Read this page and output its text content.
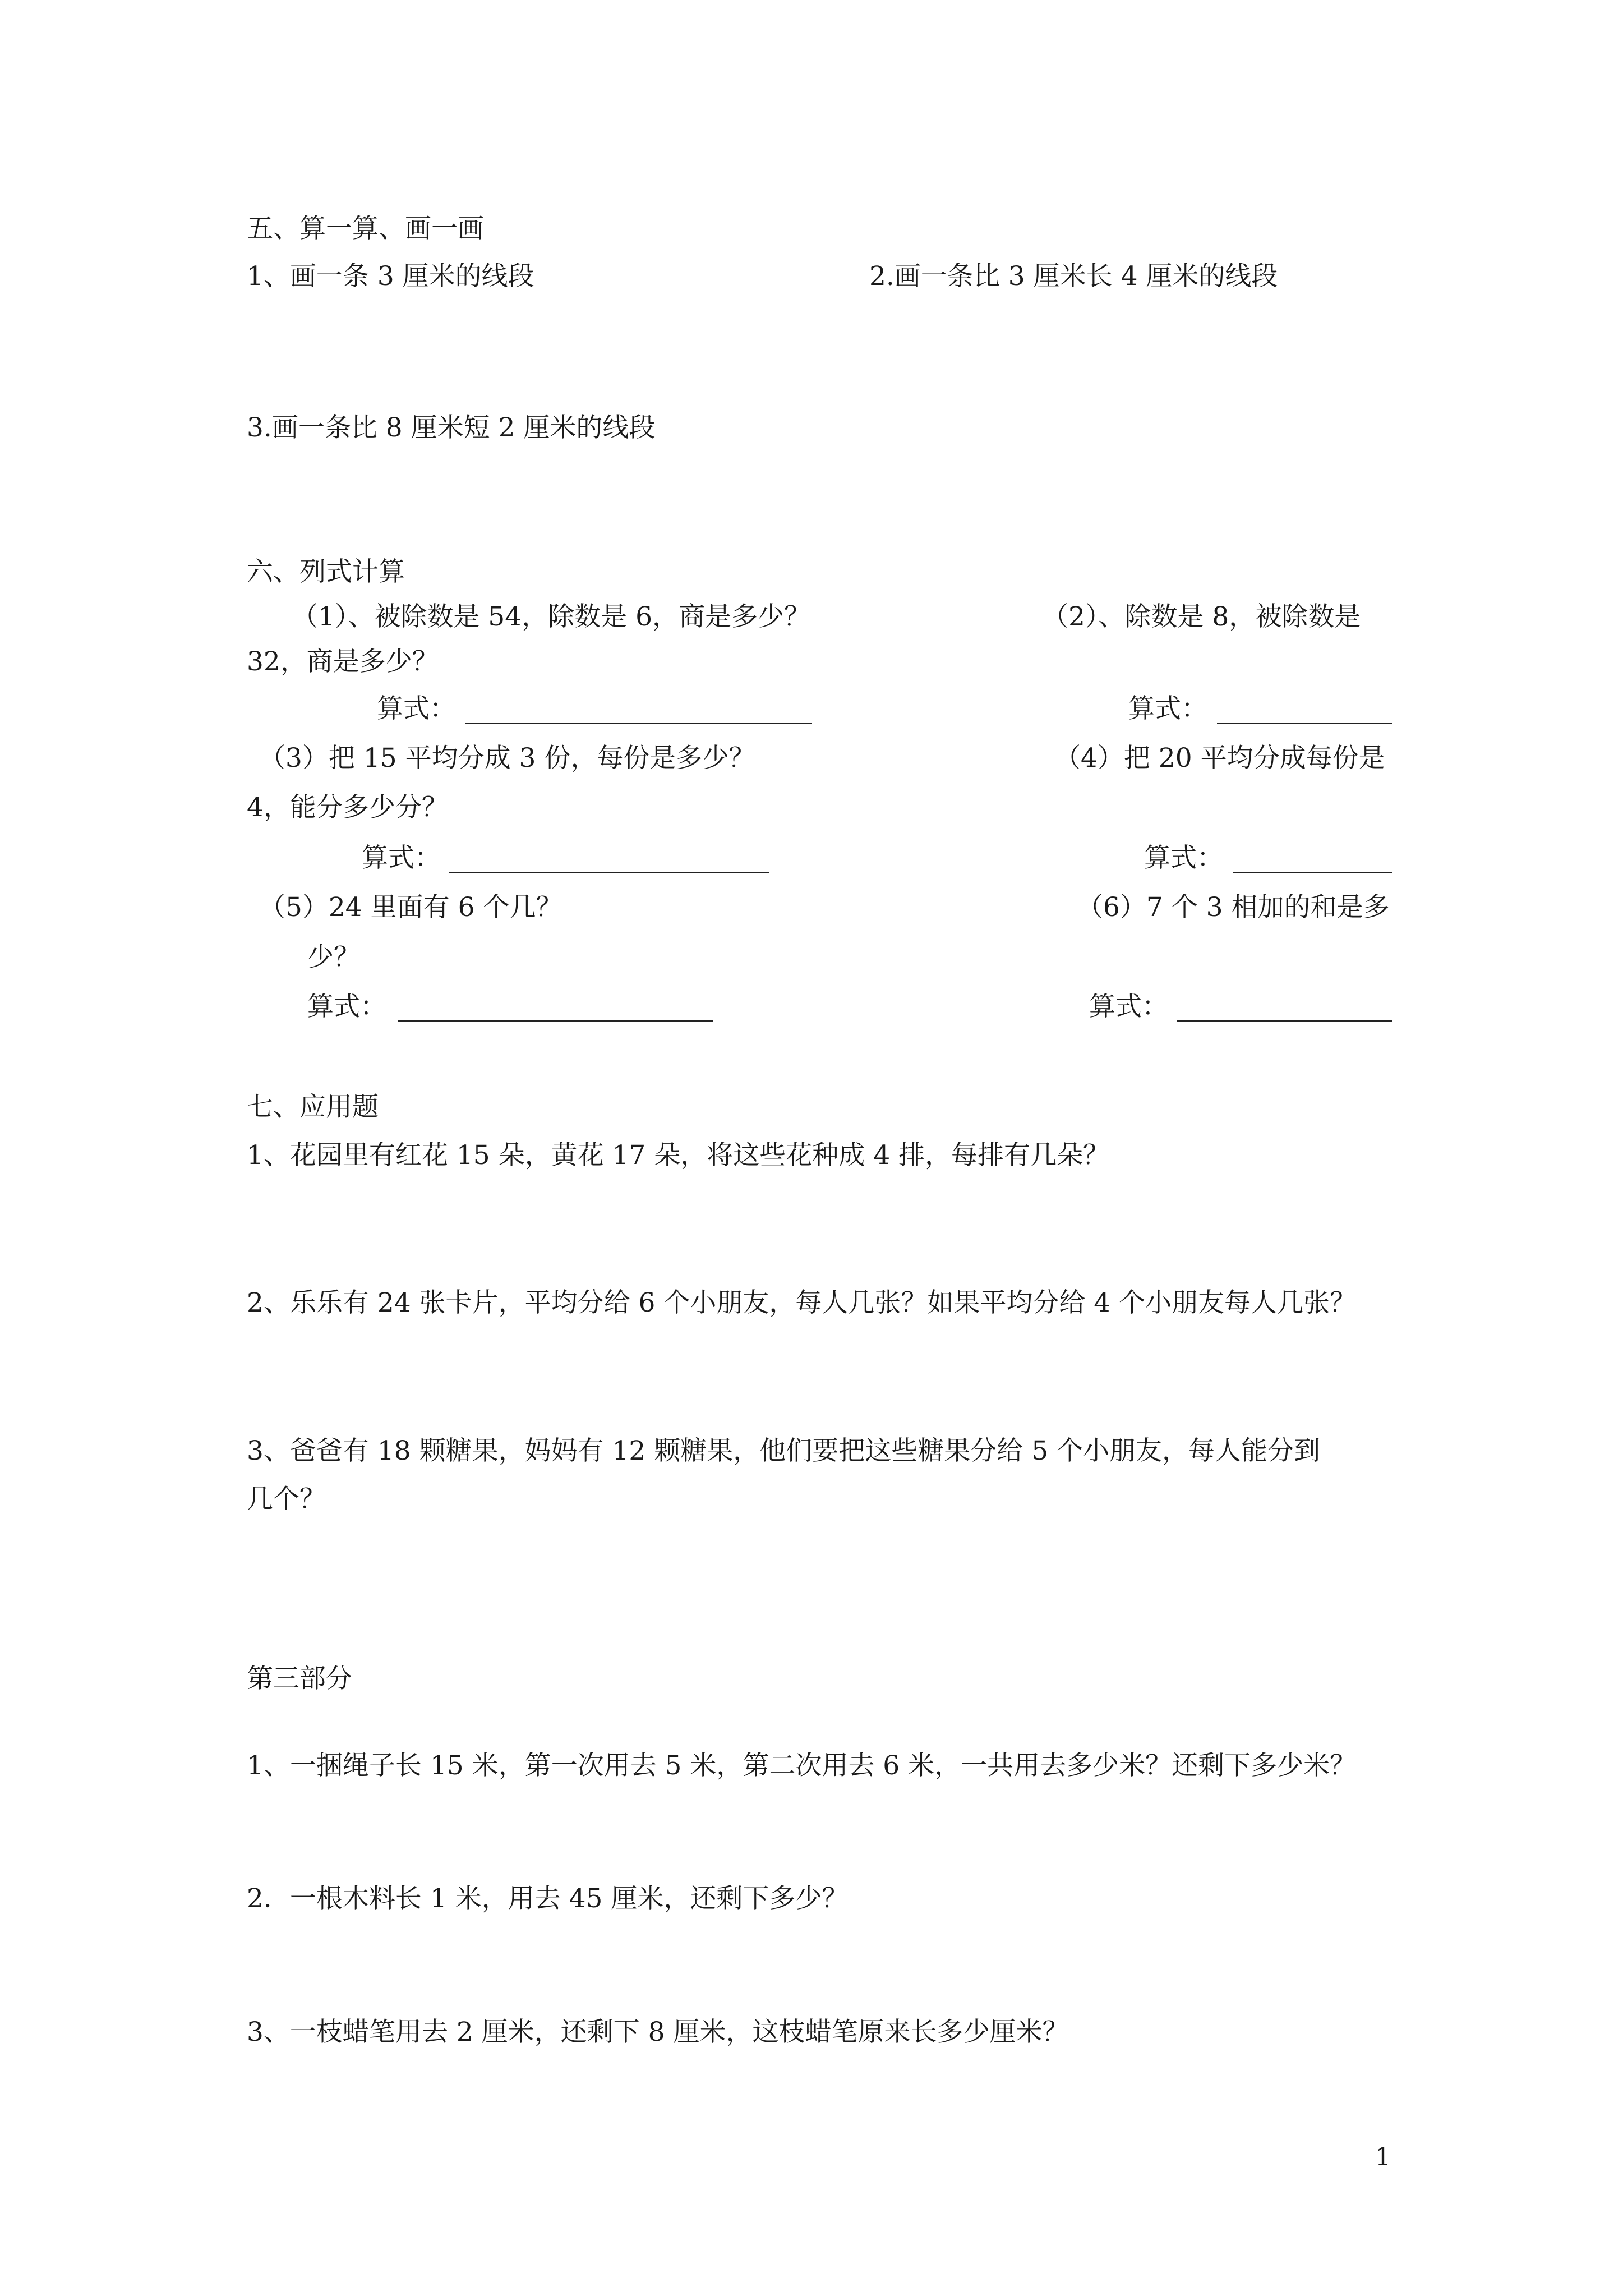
五、算一算、画一画
1、画一条 3 厘米的线段	2.画一条比 3 厘米长 4 厘米的线段
3.画一条比 8 厘米短 2 厘米的线段
六、列式计算
（1）、被除数是 54，除数是 6，商是多少？	（2）、除数是 8，被除数是
32，商是多少？
算式：	算式：
（3）把 15 平均分成 3 份，每份是多少？	（4）把 20 平均分成每份是
4，能分多少分？
算式：	算式：
（5）24 里面有 6 个几？	（6）7 个 3 相加的和是多
少？
算式：	算式：
七、应用题
1、花园里有红花 15 朵，黄花 17 朵，将这些花种成 4 排，每排有几朵？
2、乐乐有 24 张卡片，平均分给 6 个小朋友，每人几张？如果平均分给 4 个小朋友每人几张？
3、爸爸有 18 颗糖果，妈妈有 12 颗糖果，他们要把这些糖果分给 5 个小朋友，每人能分到
几个？
第三部分
1、一捆绳子长 15 米，第一次用去 5 米，第二次用去 6 米，一共用去多少米？还剩下多少米？
2．一根木料长 1 米，用去 45 厘米，还剩下多少？
3、一枝蜡笔用去 2 厘米，还剩下 8 厘米，这枝蜡笔原来长多少厘米？
1
